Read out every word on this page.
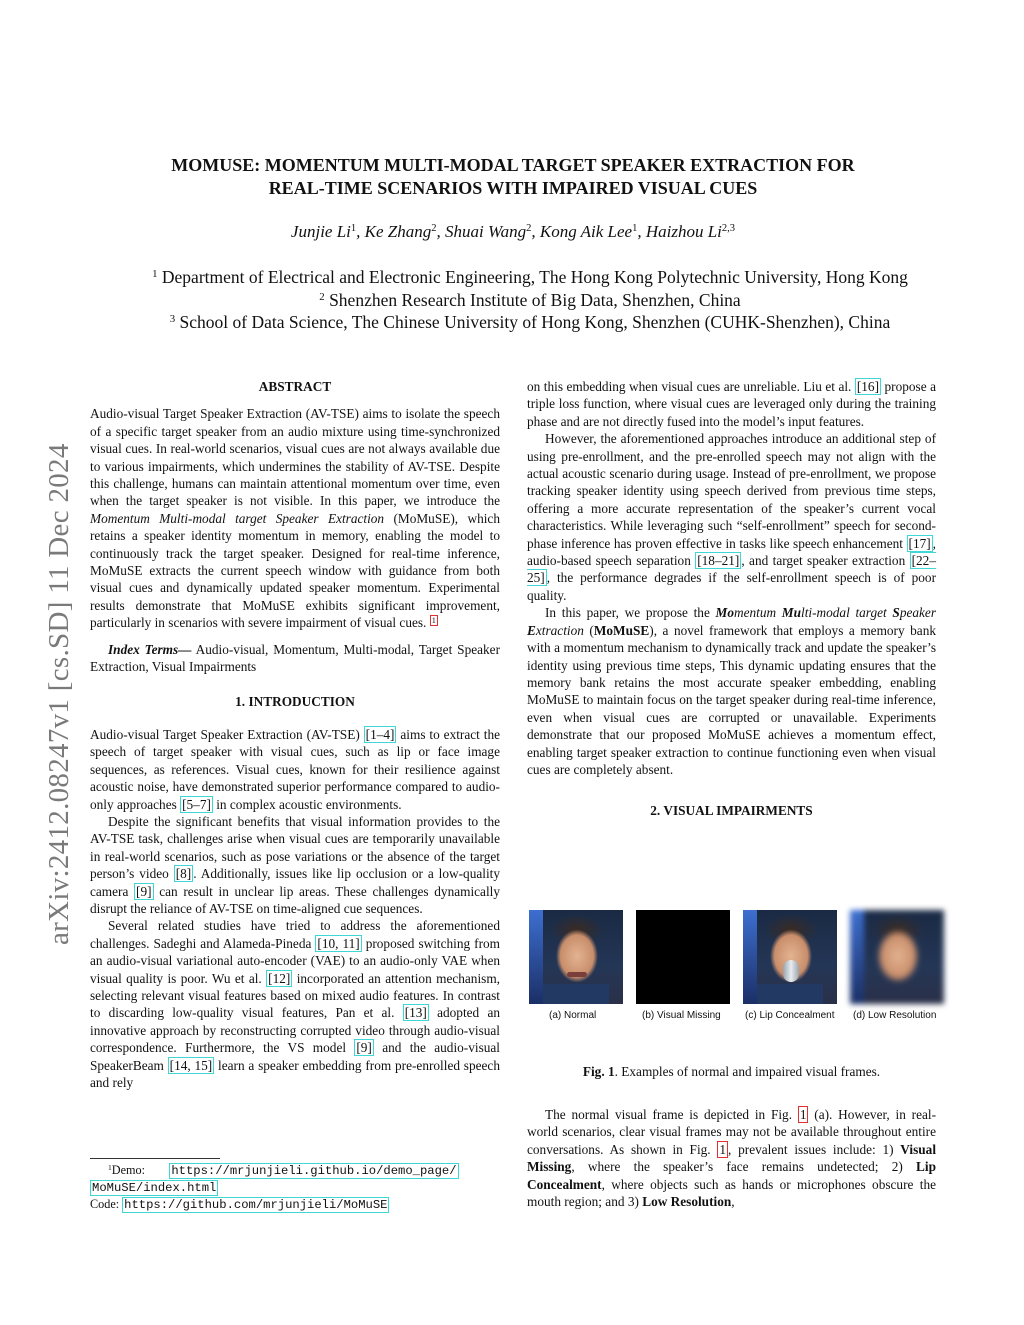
arXiv:2412.08247v1 [cs.SD] 11 Dec 2024
MOMUSE: MOMENTUM MULTI-MODAL TARGET SPEAKER EXTRACTION FOR
REAL-TIME SCENARIOS WITH IMPAIRED VISUAL CUES
Junjie Li$^1$, Ke Zhang$^2$, Shuai Wang$^2$, Kong Aik Lee$^1$, Haizhou Li$^{2,3}$
$^1$ Department of Electrical and Electronic Engineering, The Hong Kong Polytechnic University, Hong Kong
$^2$ Shenzhen Research Institute of Big Data, Shenzhen, China
$^3$ School of Data Science, The Chinese University of Hong Kong, Shenzhen (CUHK-Shenzhen), China
ABSTRACT

Audio-visual Target Speaker Extraction (AV-TSE) aims to isolate the speech of a specific target speaker from an audio mixture using time-synchronized visual cues. In real-world scenarios, visual cues are not always available due to various impairments, which undermines the stability of AV-TSE. Despite this challenge, humans can maintain attentional momentum over time, even when the target speaker is not visible. In this paper, we introduce the Momentum Multi-modal target Speaker Extraction (MoMuSE), which retains a speaker identity momentum in memory, enabling the model to continuously track the target speaker. Designed for real-time inference, MoMuSE extracts the current speech window with guidance from both visual cues and dynamically updated speaker momentum. Experimental results demonstrate that MoMuSE exhibits significant improvement, particularly in scenarios with severe impairment of visual cues. $^1$

Index Terms— Audio-visual, Momentum, Multi-modal, Target Speaker Extraction, Visual Impairments

1. INTRODUCTION

Audio-visual Target Speaker Extraction (AV-TSE) [1–4] aims to extract the speech of target speaker with visual cues, such as lip or face image sequences, as references. Visual cues, known for their resilience against acoustic noise, have demonstrated superior performance compared to audio-only approaches [5–7] in complex acoustic environments.

Despite the significant benefits that visual information provides to the AV-TSE task, challenges arise when visual cues are temporarily unavailable in real-world scenarios, such as pose variations or the absence of the target person’s video [8] . Additionally, issues like lip occlusion or a low-quality camera [9] can result in unclear lip areas. These challenges dynamically disrupt the reliance of AV-TSE on time-aligned cue sequences.

Several related studies have tried to address the aforementioned challenges. Sadeghi and Alameda-Pineda [10, 11] proposed switching from an audio-visual variational auto-encoder (VAE) to an audio-only VAE when visual quality is poor. Wu et al. [12] incorporated an attention mechanism, selecting relevant visual features based on mixed audio features. In contrast to discarding low-quality visual features, Pan et al. [13] adopted an innovative approach by reconstructing corrupted video through audio-visual correspondence. Furthermore, the VS model [9] and the audio-visual SpeakerBeam [14, 15] learn a speaker embedding from pre-enrolled speech and rely

$^1$Demo: https://mrjunjieli.github.io/demo_page/
MoMuSE/index.html
Code: https://github.com/mrjunjieli/MoMuSE

on this embedding when visual cues are unreliable. Liu et al. [16] propose a triple loss function, where visual cues are leveraged only during the training phase and are not directly fused into the model’s input features.

However, the aforementioned approaches introduce an additional step of using pre-enrollment, and the pre-enrolled speech may not align with the actual acoustic scenario during usage. Instead of pre-enrollment, we propose tracking speaker identity using speech derived from previous time steps, offering a more accurate representation of the speaker’s current vocal characteristics. While leveraging such “self-enrollment” speech for second-phase inference has proven effective in tasks like speech enhancement [17] , audio-based speech separation [18–21] , and target speaker extraction [22–25] , the performance degrades if the self-enrollment speech is of poor quality.

In this paper, we propose the Momentum Multi-modal target Speaker Extraction (MoMuSE), a novel framework that employs a memory bank with a momentum mechanism to dynamically track and update the speaker’s identity using previous time steps, This dynamic updating ensures that the memory bank retains the most accurate speaker embedding, enabling MoMuSE to maintain focus on the target speaker during real-time inference, even when visual cues are corrupted or unavailable. Experiments demonstrate that our proposed MoMuSE achieves a momentum effect, enabling target speaker extraction to continue functioning even when visual cues are completely absent.

2. VISUAL IMPAIRMENTS
(a) Normal	(b) Visual Missing (c) Lip Concealment (d) Low Resolution
Fig. 1. Examples of normal and impaired visual frames.

The normal visual frame is depicted in Fig. 1 (a). However, in real-world scenarios, clear visual frames may not be available throughout entire conversations. As shown in Fig. 1 , prevalent issues include: 1) Visual Missing, where the speaker’s face remains undetected; 2) Lip Concealment, where objects such as hands or microphones obscure the mouth region; and 3) Low Resolution,
